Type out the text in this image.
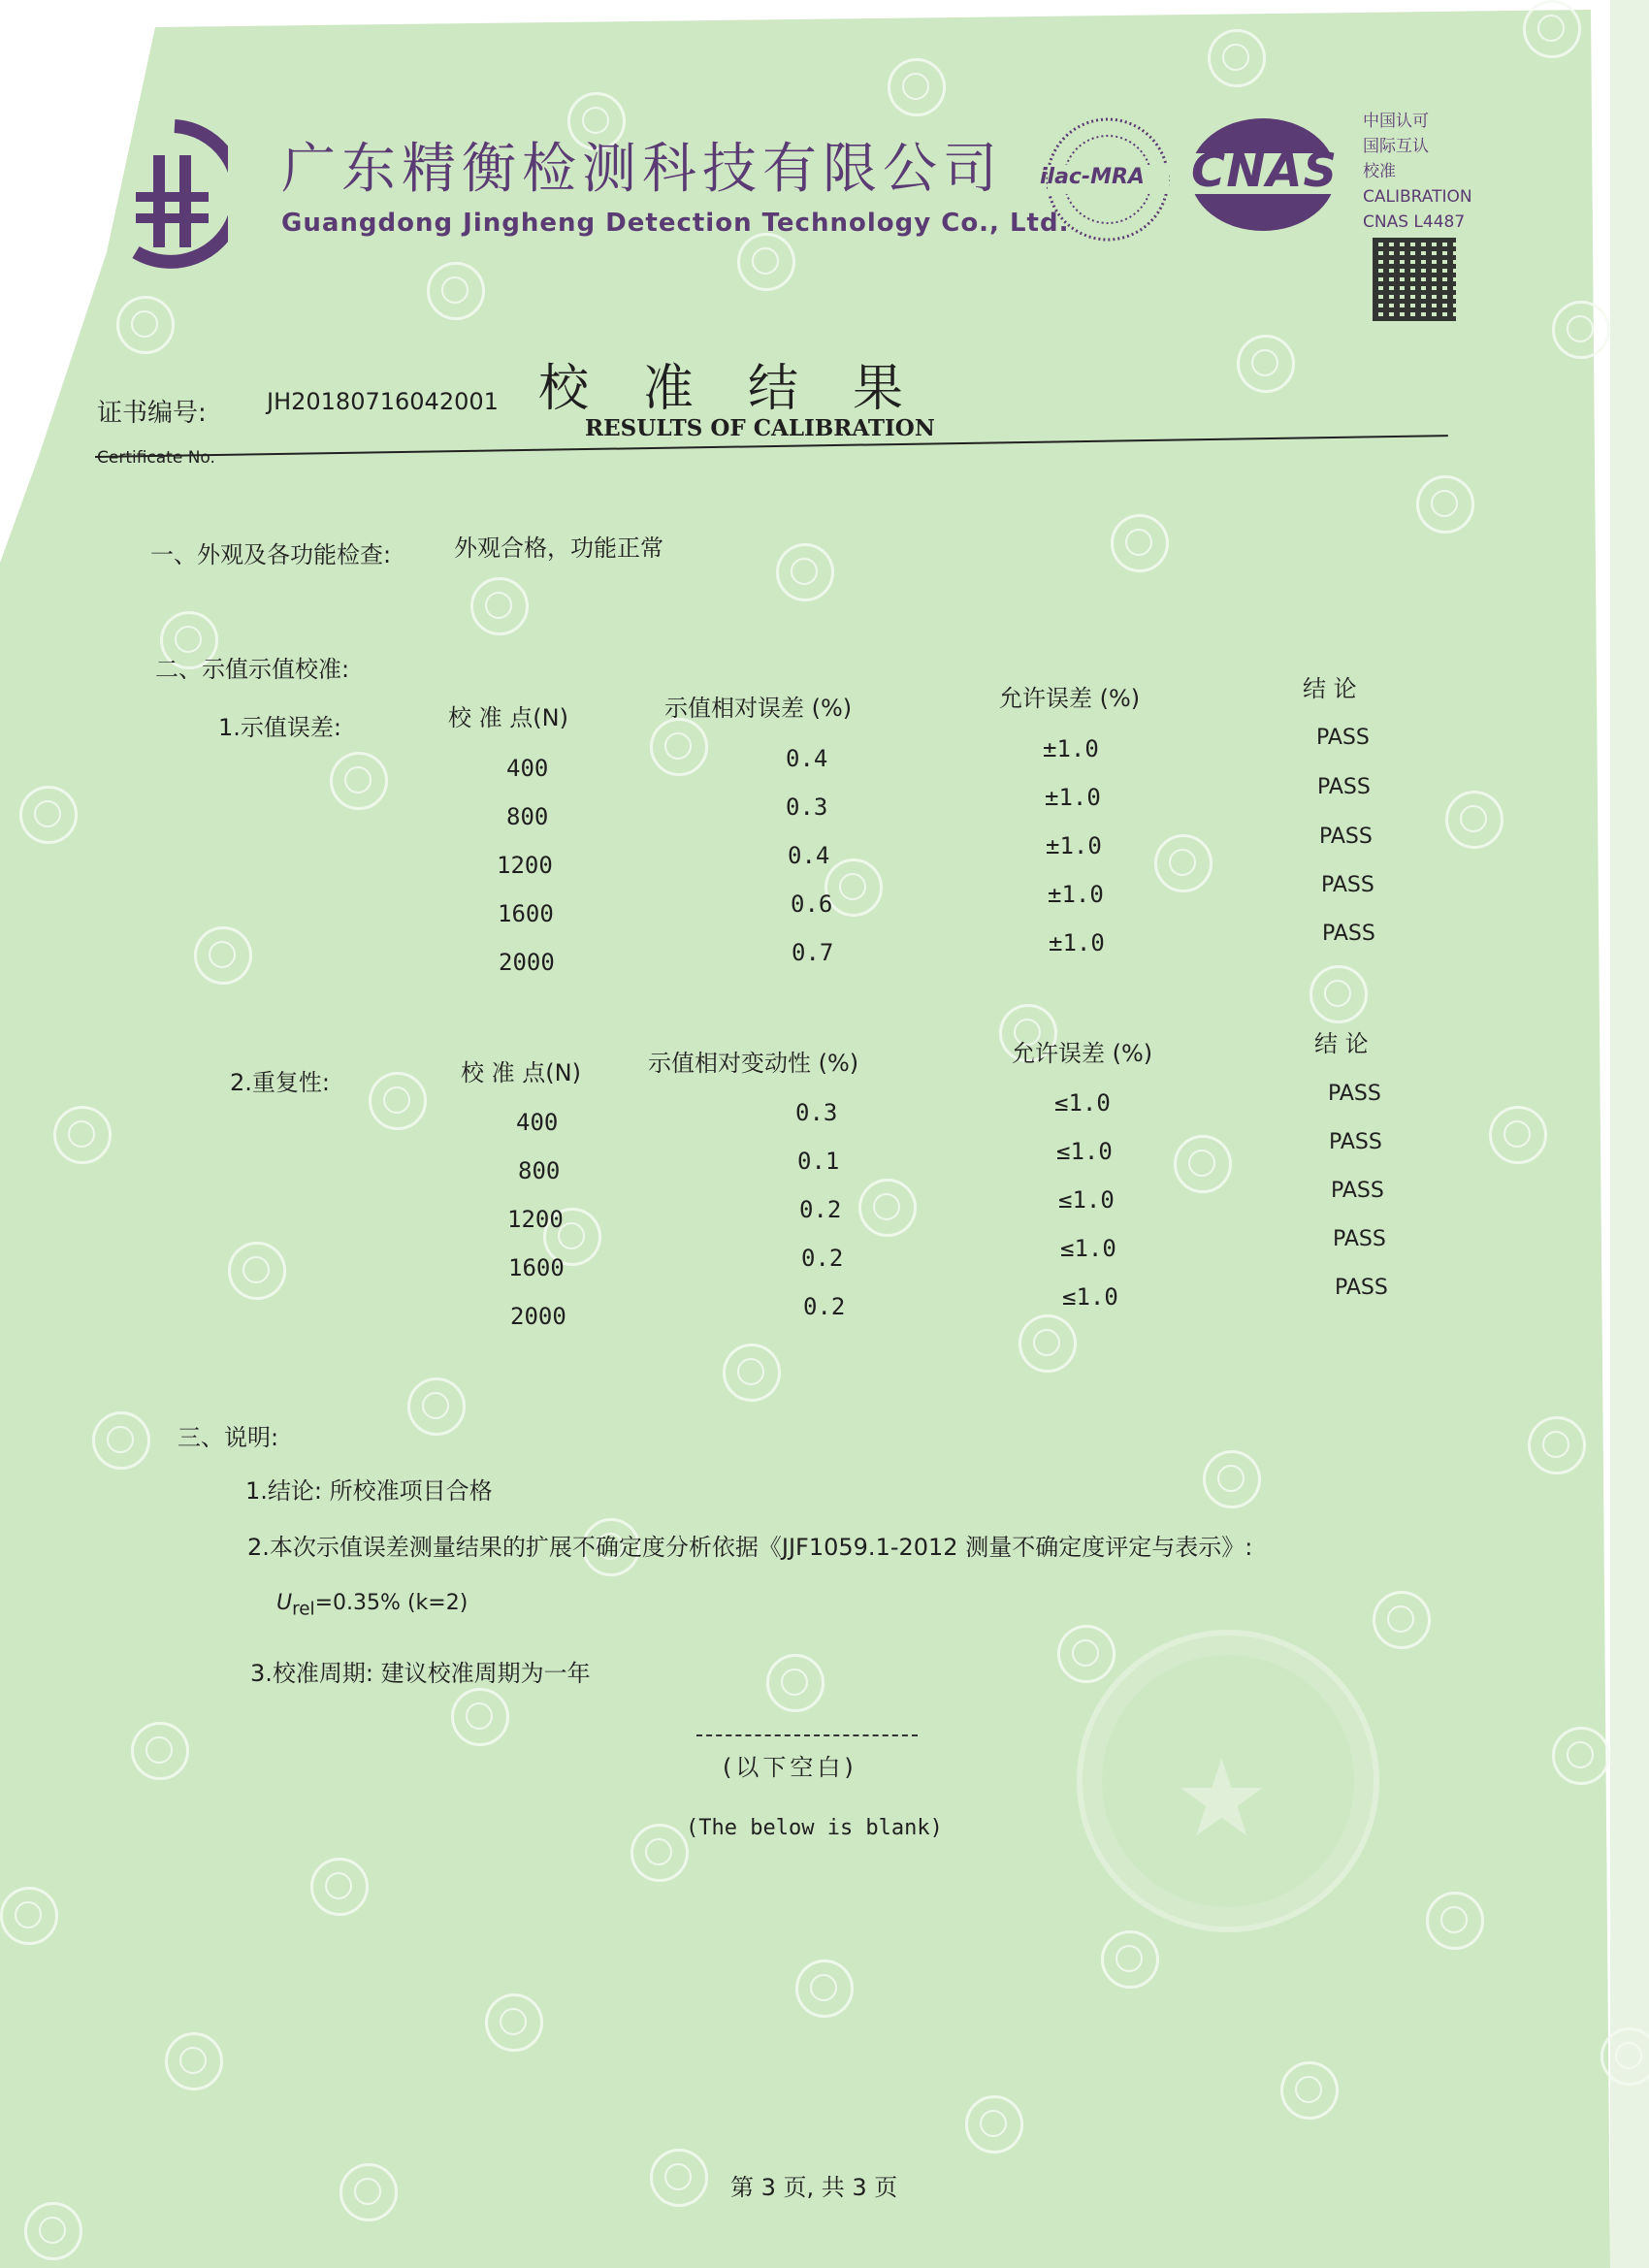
广东精衡检测科技有限公司
Guangdong Jingheng Detection Technology Co., Ltd.
ilac-MRA CNAS
中国认可
国际互认
校准
CALIBRATION
CNAS L4487
证书编号:	JH20180716042001
Certificate No.
校准结果
RESULTS OF CALIBRATION
一、外观及各功能检查:	外观合格，功能正常
二、示值示值校准:
1.示值误差:	校 准 点(N)	示值相对误差 (%)	允许误差 (%)	结 论
400	0.4	±1.0	PASS
800	0.3	±1.0	PASS
1200	0.4	±1.0	PASS
1600	0.6	±1.0	PASS
2000	0.7	±1.0	PASS
2.重复性:	校 准 点(N)	示值相对变动性 (%)	允许误差 (%)	结 论
400	0.3	≤1.0	PASS
800	0.1	≤1.0	PASS
1200	0.2	≤1.0	PASS
1600	0.2	≤1.0	PASS
2000	0.2	≤1.0	PASS
三、说明:
1.结论: 所校准项目合格
2.本次示值误差测量结果的扩展不确定度分析依据《JJF1059.1-2012 测量不确定度评定与表示》:
$U_{rel}=0.35\%$ (k=2)
3.校准周期: 建议校准周期为一年
(以下空白)
(The below is blank) ★
第 3 页, 共 3 页
